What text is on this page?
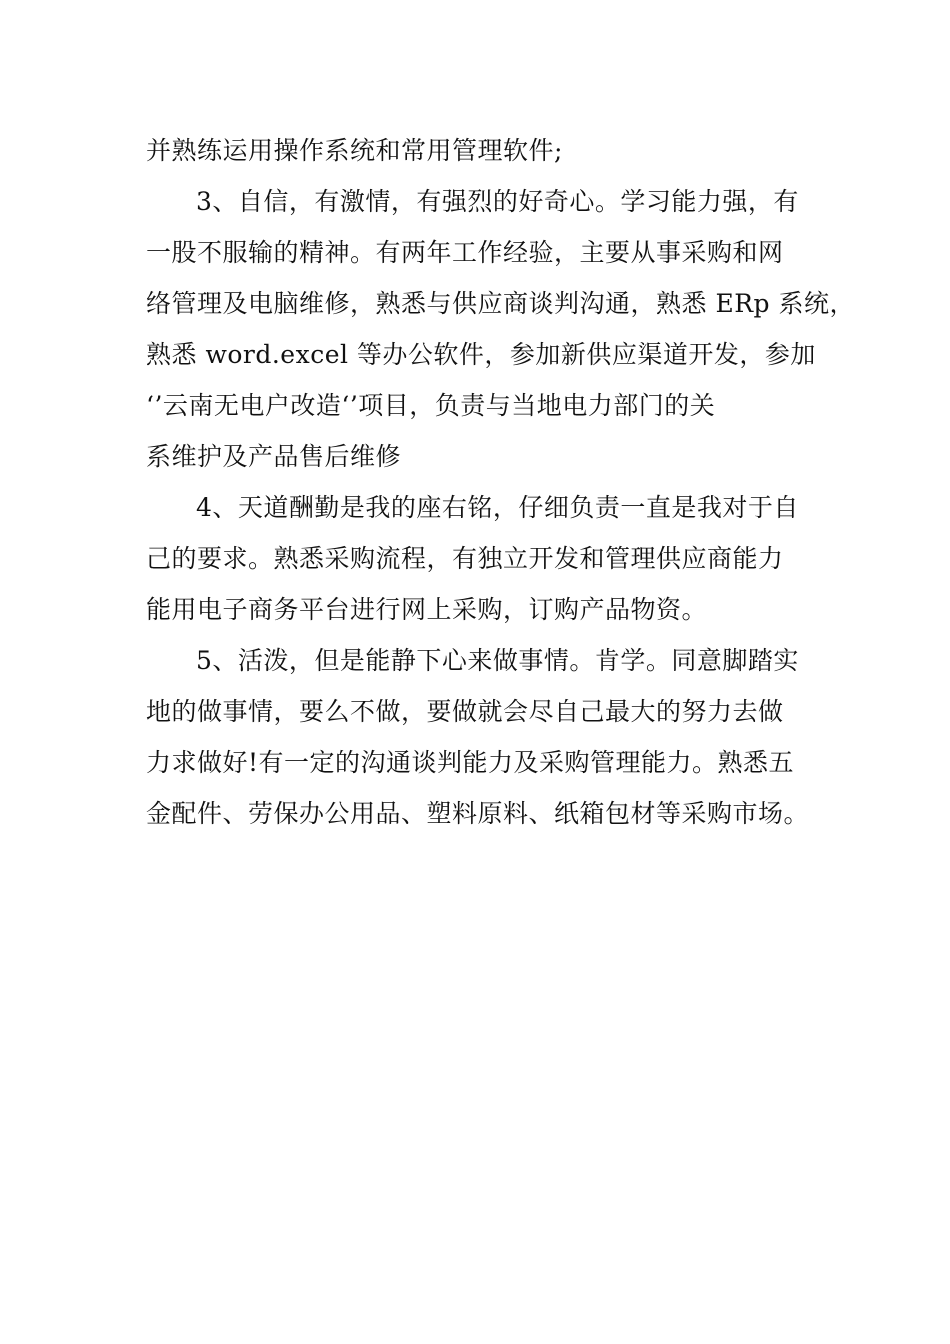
并熟练运用操作系统和常用管理软件;
3、自信，有激情，有强烈的好奇心。学习能力强，有
一股不服输的精神。有两年工作经验，主要从事采购和网
络管理及电脑维修，熟悉与供应商谈判沟通，熟悉 ERp 系统，
熟悉 word.excel 等办公软件，参加新供应渠道开发，参加
‘’云南无电户改造‘’项目，负责与当地电力部门的关
系维护及产品售后维修
4、天道酬勤是我的座右铭，仔细负责一直是我对于自
己的要求。熟悉采购流程，有独立开发和管理供应商能力
能用电子商务平台进行网上采购，订购产品物资。
5、活泼，但是能静下心来做事情。肯学。同意脚踏实
地的做事情，要么不做，要做就会尽自己最大的努力去做
力求做好!有一定的沟通谈判能力及采购管理能力。熟悉五
金配件、劳保办公用品、塑料原料、纸箱包材等采购市场。
